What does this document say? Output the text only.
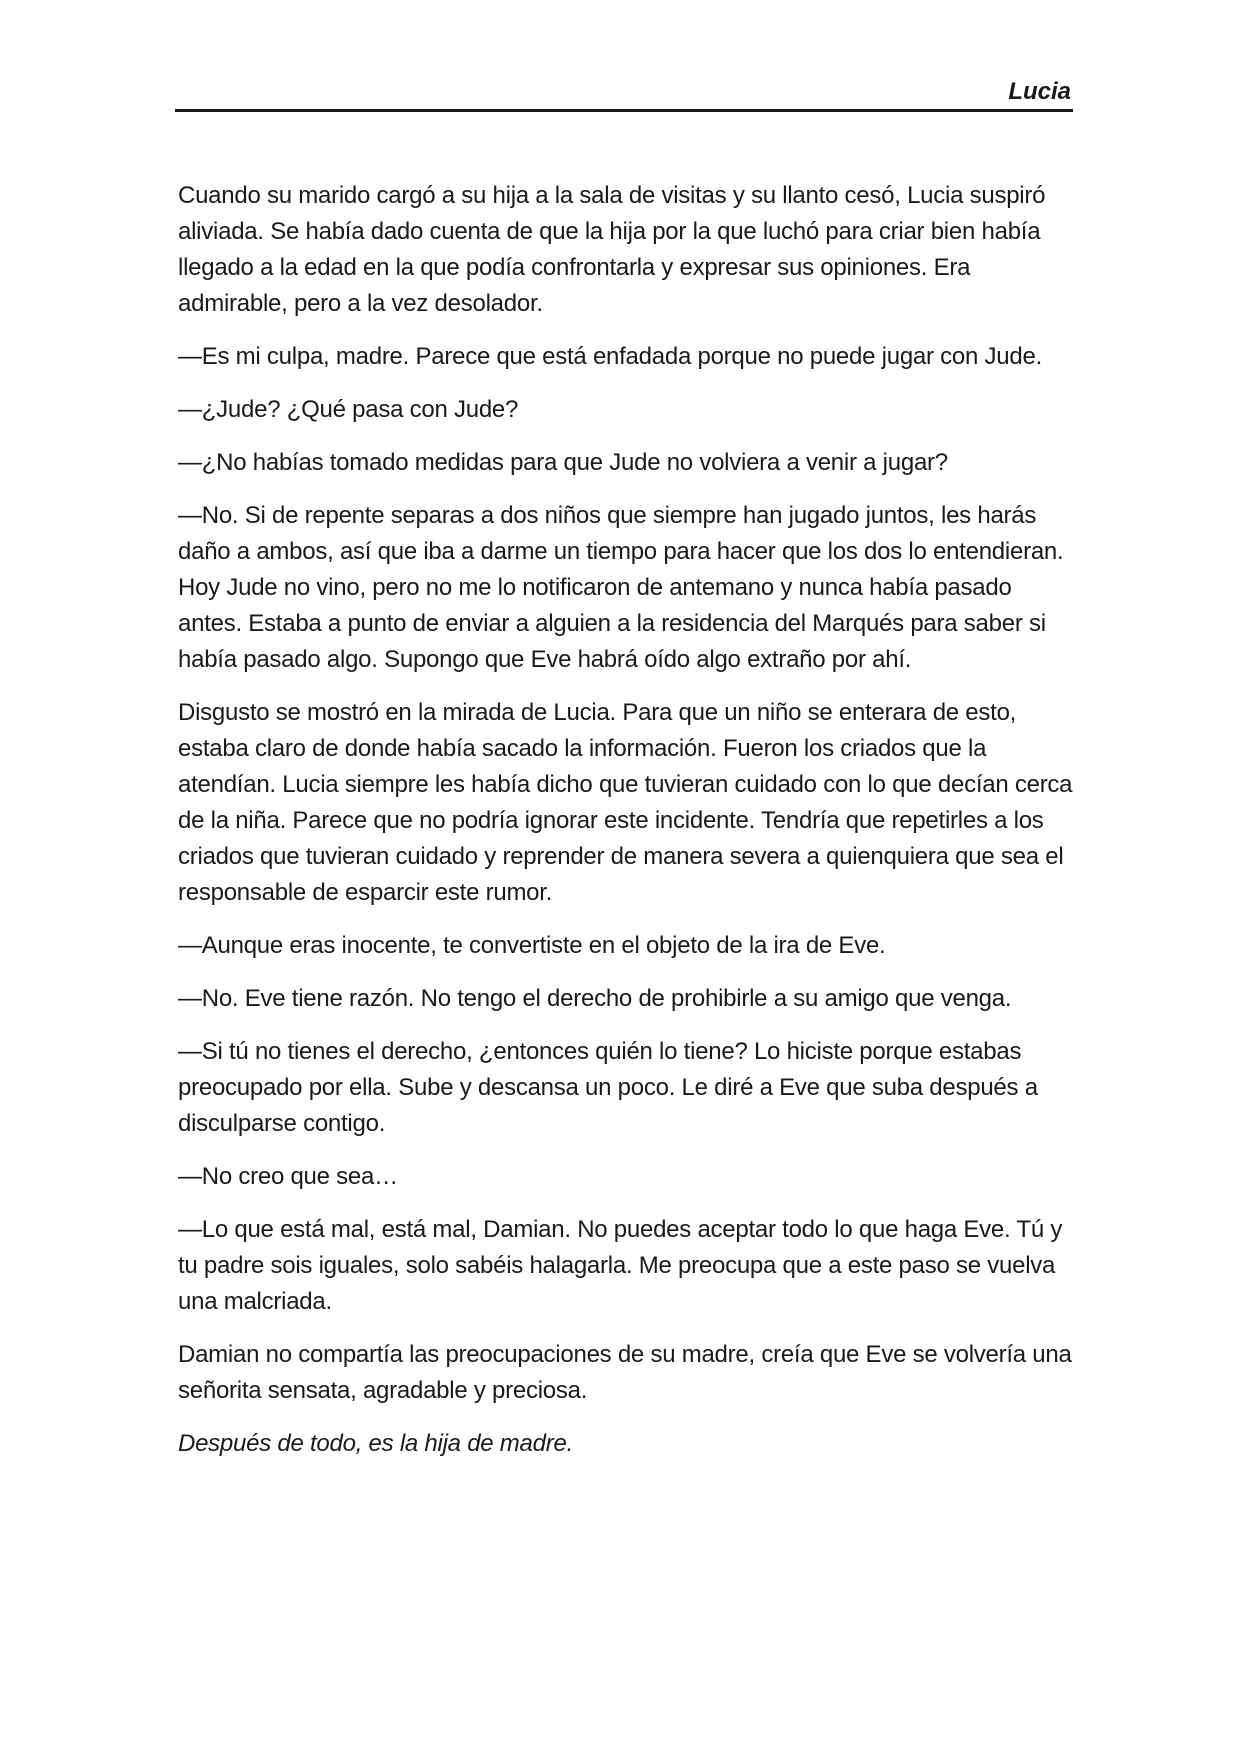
Lucia

Cuando su marido cargó a su hija a la sala de visitas y su llanto cesó, Lucia suspiró aliviada. Se había dado cuenta de que la hija por la que luchó para criar bien había llegado a la edad en la que podía confrontarla y expresar sus opiniones. Era admirable, pero a la vez desolador.

—Es mi culpa, madre. Parece que está enfadada porque no puede jugar con Jude.

—¿Jude? ¿Qué pasa con Jude?

—¿No habías tomado medidas para que Jude no volviera a venir a jugar?

—No. Si de repente separas a dos niños que siempre han jugado juntos, les harás daño a ambos, así que iba a darme un tiempo para hacer que los dos lo entendieran. Hoy Jude no vino, pero no me lo notificaron de antemano y nunca había pasado antes. Estaba a punto de enviar a alguien a la residencia del Marqués para saber si había pasado algo. Supongo que Eve habrá oído algo extraño por ahí.

Disgusto se mostró en la mirada de Lucia. Para que un niño se enterara de esto, estaba claro de donde había sacado la información. Fueron los criados que la atendían. Lucia siempre les había dicho que tuvieran cuidado con lo que decían cerca de la niña. Parece que no podría ignorar este incidente. Tendría que repetirles a los criados que tuvieran cuidado y reprender de manera severa a quienquiera que sea el responsable de esparcir este rumor.

—Aunque eras inocente, te convertiste en el objeto de la ira de Eve.

—No. Eve tiene razón. No tengo el derecho de prohibirle a su amigo que venga.

—Si tú no tienes el derecho, ¿entonces quién lo tiene? Lo hiciste porque estabas preocupado por ella. Sube y descansa un poco. Le diré a Eve que suba después a disculparse contigo.

—No creo que sea…

—Lo que está mal, está mal, Damian. No puedes aceptar todo lo que haga Eve. Tú y tu padre sois iguales, solo sabéis halagarla. Me preocupa que a este paso se vuelva una malcriada.

Damian no compartía las preocupaciones de su madre, creía que Eve se volvería una señorita sensata, agradable y preciosa.

Después de todo, es la hija de madre.
